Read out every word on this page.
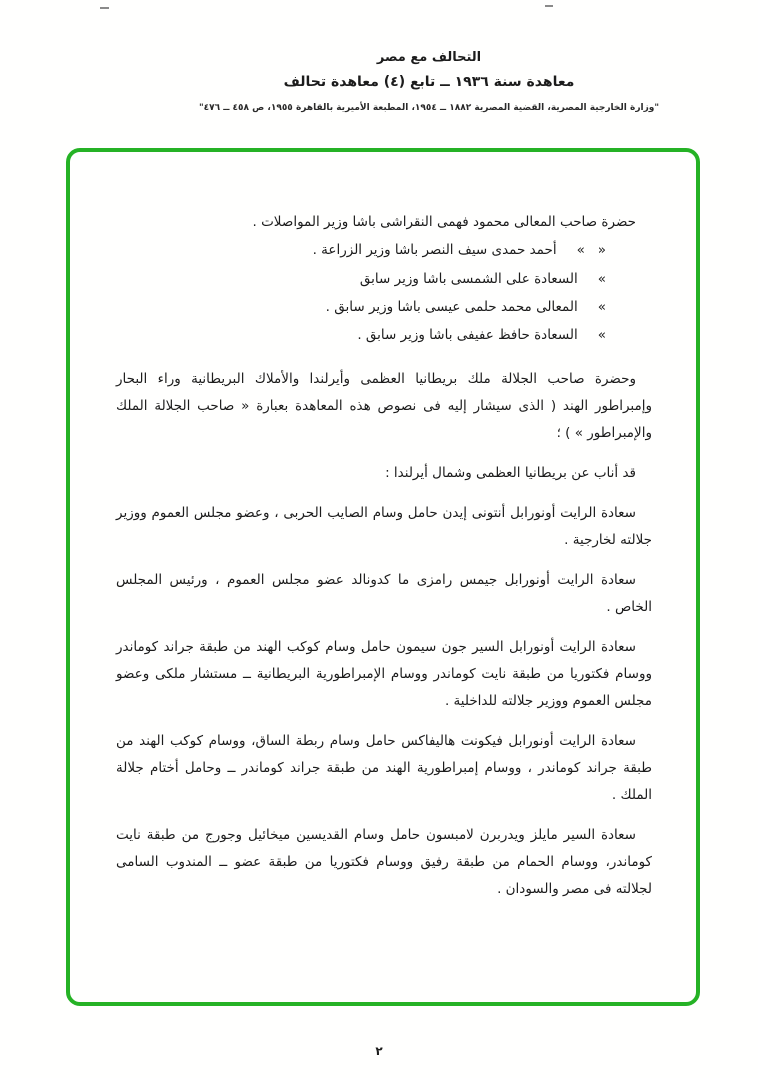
التحالف مع مصر
معاهدة سنة ١٩٣٦ ــ تابع (٤) معاهدة تحالف
"وزارة الخارجية المصرية، القضية المصرية ١٨٨٢ ــ ١٩٥٤، المطبعة الأميرية بالقاهرة ١٩٥٥، ص ٤٥٨ ــ ٤٧٦"
حضرة صاحب المعالى محمود فهمى النقراشى باشا وزير المواصلات .
«   »
أحمد حمدى سيف النصر باشا وزير الزراعة .
»
السعادة على الشمسى باشا وزير سابق
»
المعالى محمد حلمى عيسى باشا وزير سابق .
»
السعادة حافظ عفيفى باشا وزير سابق .

وحضرة صاحب الجلالة ملك بريطانيا العظمى وأيرلندا والأملاك البريطانية وراء البحار وإمبراطور الهند ( الذى سيشار إليه فى نصوص هذه المعاهدة بعبارة « صاحب الجلالة الملك والإمبراطور » ) ؛

قد أناب عن بريطانيا العظمى وشمال أيرلندا :

سعادة الرايت أونورابل أنتونى إيدن حامل وسام الصايب الحربى ، وعضو مجلس العموم ووزير جلالته لخارجية .

سعادة الرايت أونورابل جيمس رامزى ما كدونالد عضو مجلس العموم ، ورئيس المجلس الخاص .

سعادة الرايت أونورابل السير جون سيمون حامل وسام كوكب الهند من طبقة جراند كوماندر ووسام فكتوريا من طبقة نايت كوماندر ووسام الإمبراطورية البريطانية ــ مستشار ملكى وعضو مجلس العموم ووزير جلالته للداخلية .

سعادة الرايت أونورابل فيكونت هاليفاكس حامل وسام ربطة الساق، ووسام كوكب الهند من طبقة جراند كوماندر ، ووسام إمبراطورية الهند من طبقة جراند كوماندر ــ وحامل أختام جلالة الملك .

سعادة السير مايلز ويدربرن لامبسون حامل وسام القديسين ميخائيل وجورج من طبقة نايت كوماندر، ووسام الحمام من طبقة رفيق ووسام فكتوريا من طبقة عضو ــ المندوب السامى لجلالته فى مصر والسودان .

٢
